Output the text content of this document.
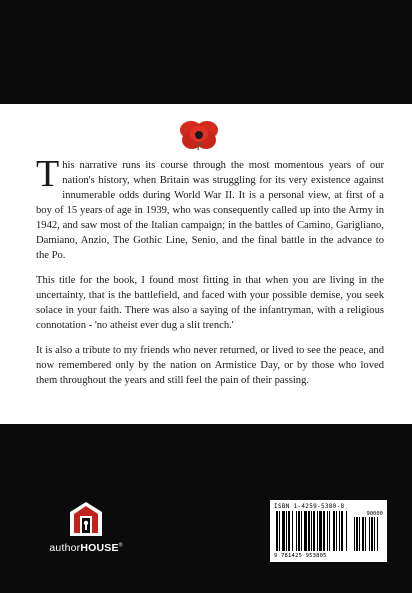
This narrative runs its course through the most momentous years of our nation's history, when Britain was struggling for its very existence against innumerable odds during World War II. It is a personal view, at first of a boy of 15 years of age in 1939, who was consequently called up into the Army in 1942, and saw most of the Italian campaign; in the battles of Camino, Garigliano, Damiano, Anzio, The Gothic Line, Senio, and the final battle in the advance to the Po.

This title for the book, I found most fitting in that when you are living in the uncertainty, that is the battlefield, and faced with your possible demise, you seek solace in your faith. There was also a saying of the infantryman, with a religious connotation - 'no atheist ever dug a slit trench.'

It is also a tribute to my friends who never returned, or lived to see the peace, and now remembered only by the nation on Armistice Day, or by those who loved them throughout the years and still feel the pain of their passing.

authorHOUSE®
ISBN 1-4259-5380-8
90000
9 781425 953805
